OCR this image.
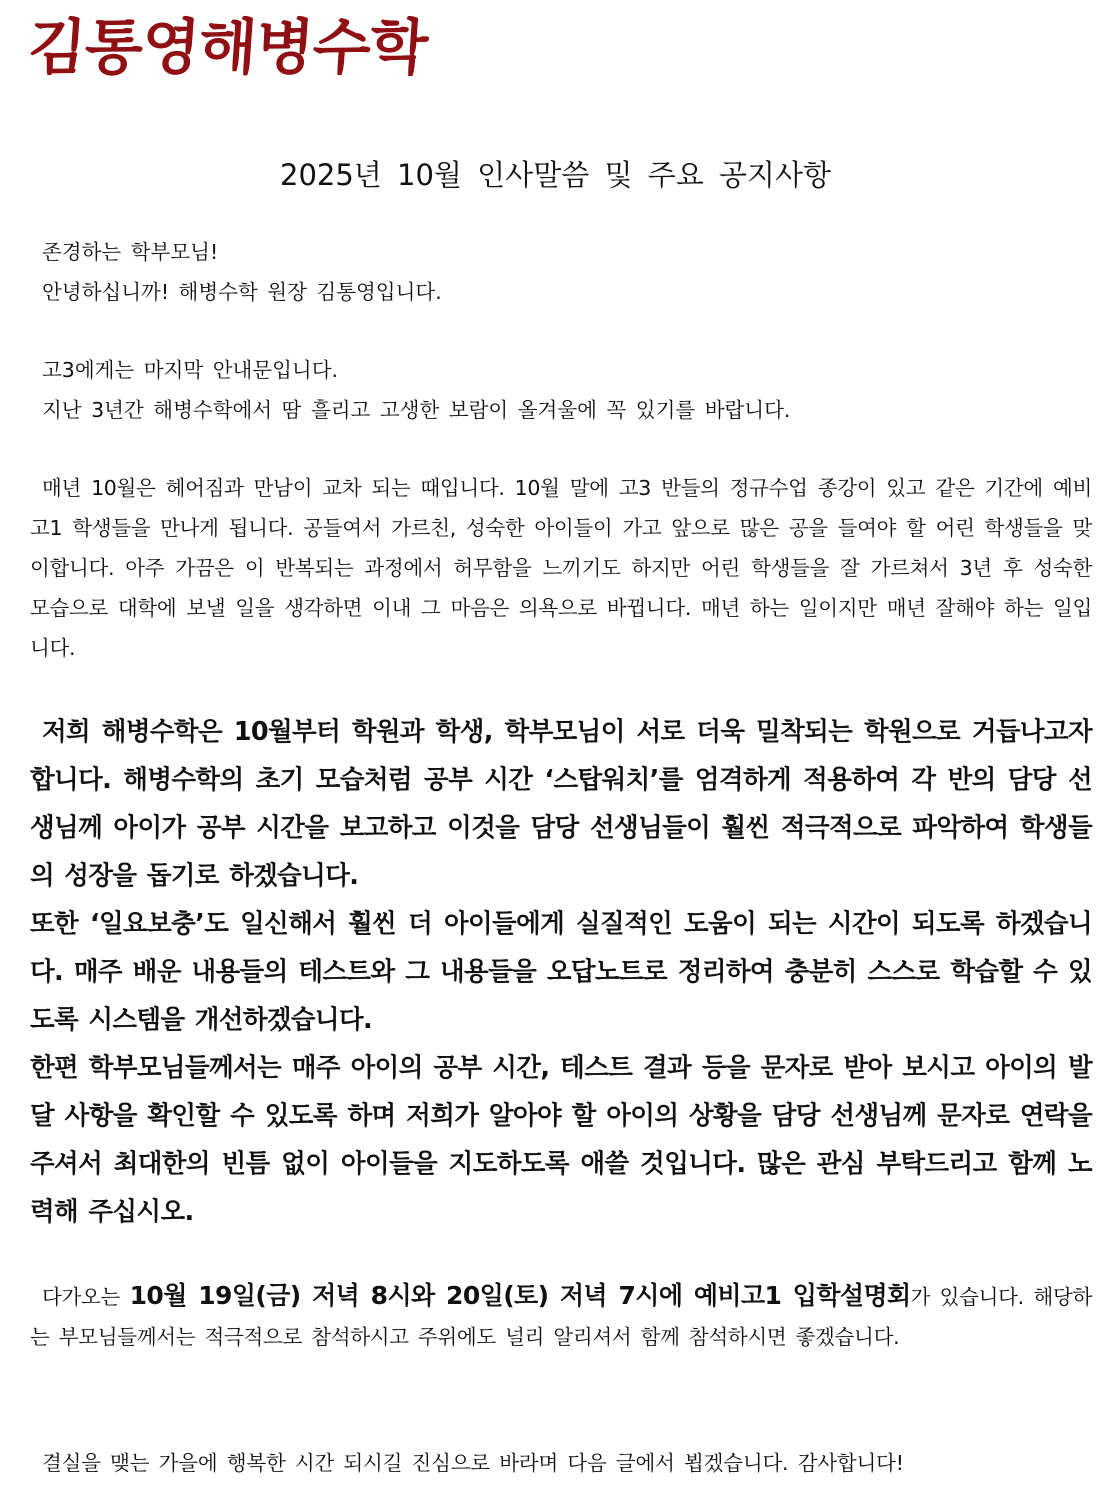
김통영해병수학
2025년 10월 인사말씀 및 주요 공지사항
존경하는 학부모님!
안녕하십니까! 해병수학 원장 김통영입니다.
고3에게는 마지막 안내문입니다.
지난 3년간 해병수학에서 땀 흘리고 고생한 보람이 올겨울에 꼭 있기를 바랍니다.

매년 10월은 헤어짐과 만남이 교차 되는 때입니다. 10월 말에 고3 반들의 정규수업 종강이 있고 같은 기간에 예비 고1 학생들을 만나게 됩니다. 공들여서 가르친, 성숙한 아이들이 가고 앞으로 많은 공을 들여야 할 어린 학생들을 맞이합니다. 아주 가끔은 이 반복되는 과정에서 허무함을 느끼기도 하지만 어린 학생들을 잘 가르쳐서 3년 후 성숙한 모습으로 대학에 보낼 일을 생각하면 이내 그 마음은 의욕으로 바뀝니다. 매년 하는 일이지만 매년 잘해야 하는 일입니다.

저희 해병수학은 10월부터 학원과 학생, 학부모님이 서로 더욱 밀착되는 학원으로 거듭나고자 합니다. 해병수학의 초기 모습처럼 공부 시간 ‘스탑워치’를 엄격하게 적용하여 각 반의 담당 선생님께 아이가 공부 시간을 보고하고 이것을 담당 선생님들이 훨씬 적극적으로 파악하여 학생들의 성장을 돕기로 하겠습니다.

또한 ‘일요보충’도 일신해서 훨씬 더 아이들에게 실질적인 도움이 되는 시간이 되도록 하겠습니다. 매주 배운 내용들의 테스트와 그 내용들을 오답노트로 정리하여 충분히 스스로 학습할 수 있도록 시스템을 개선하겠습니다.

한편 학부모님들께서는 매주 아이의 공부 시간, 테스트 결과 등을 문자로 받아 보시고 아이의 발달 사항을 확인할 수 있도록 하며 저희가 알아야 할 아이의 상황을 담당 선생님께 문자로 연락을 주셔서 최대한의 빈틈 없이 아이들을 지도하도록 애쓸 것입니다. 많은 관심 부탁드리고 함께 노력해 주십시오.

다가오는 10월 19일(금) 저녁 8시와 20일(토) 저녁 7시에 예비고1 입학설명회가 있습니다. 해당하는 부모님들께서는 적극적으로 참석하시고 주위에도 널리 알리셔서 함께 참석하시면 좋겠습니다.

결실을 맺는 가을에 행복한 시간 되시길 진심으로 바라며 다음 글에서 뵙겠습니다. 감사합니다!
